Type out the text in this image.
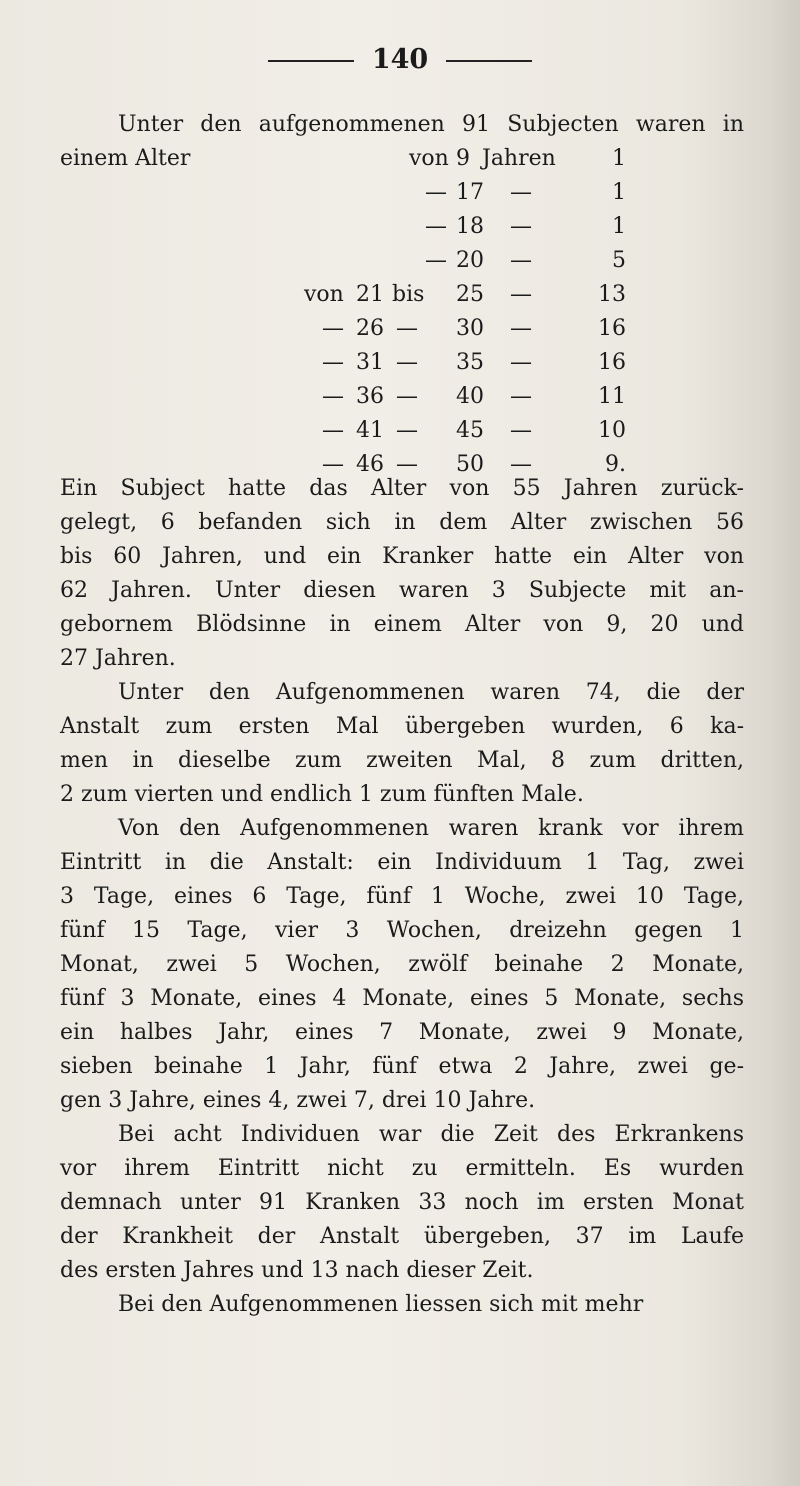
140
Unter den aufgenommenen 91 Subjecten waren in
einem Alter	von 9 Jahren	1
— 17 —	1
— 18 —	1
— 20 —	5
von 21 bis	25 —	13
— 26 —	30 —	16
— 31 —	35 —	16
— 36 —	40 —	11
— 41 —	45 —	10
— 46 —	50 —	9.
Ein Subject hatte das Alter von 55 Jahren zurück-
gelegt, 6 befanden sich in dem Alter zwischen 56
bis 60 Jahren, und ein Kranker hatte ein Alter von
62 Jahren. Unter diesen waren 3 Subjecte mit an-
gebornem Blödsinne in einem Alter von 9, 20 und
27 Jahren.
Unter den Aufgenommenen waren 74, die der
Anstalt zum ersten Mal übergeben wurden, 6 ka-
men in dieselbe zum zweiten Mal, 8 zum dritten,
2 zum vierten und endlich 1 zum fünften Male.
Von den Aufgenommenen waren krank vor ihrem
Eintritt in die Anstalt: ein Individuum 1 Tag, zwei
3 Tage, eines 6 Tage, fünf 1 Woche, zwei 10 Tage,
fünf 15 Tage, vier 3 Wochen, dreizehn gegen 1
Monat, zwei 5 Wochen, zwölf beinahe 2 Monate,
fünf 3 Monate, eines 4 Monate, eines 5 Monate, sechs
ein halbes Jahr, eines 7 Monate, zwei 9 Monate,
sieben beinahe 1 Jahr, fünf etwa 2 Jahre, zwei ge-
gen 3 Jahre, eines 4, zwei 7, drei 10 Jahre.
Bei acht Individuen war die Zeit des Erkrankens
vor ihrem Eintritt nicht zu ermitteln. Es wurden
demnach unter 91 Kranken 33 noch im ersten Monat
der Krankheit der Anstalt übergeben, 37 im Laufe
des ersten Jahres und 13 nach dieser Zeit.
Bei den Aufgenommenen liessen sich mit mehr
